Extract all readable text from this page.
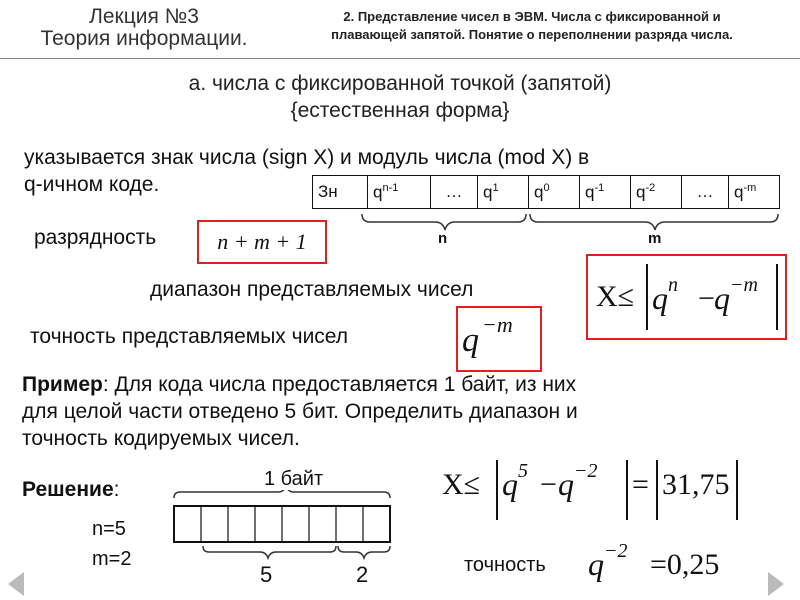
Лекция №3
Теория информации.
2. Представление чисел в ЭВМ. Числа с фиксированной и
плавающей запятой. Понятие о переполнении разряда числа.
а. числа с фиксированной точкой (запятой)
{естественная форма}
указывается знак числа (sign X) и модуль числа (mod X) в
q-ичном коде.	Зн	$q^{n-1}$	…	$q^1$	$q^0$	$q^{-1}$	$q^{-2}$	…	$q^{-m}$
n	m
разрядность	n + m + 1
диапазон представляемых чисел	$X\le q^n - q^{-m}$
точность представляемых чисел	q −m
Пример: Для кода числа предоставляется 1 байт, из них
для целой части отведено 5 бит. Определить диапазон и
точность кодируемых чисел.
Решение:	1 байт
5	2
n=5
m=2
$X\le q^5 - q^{-2} = 31,75$
точность $q^{-2} =0,25$
